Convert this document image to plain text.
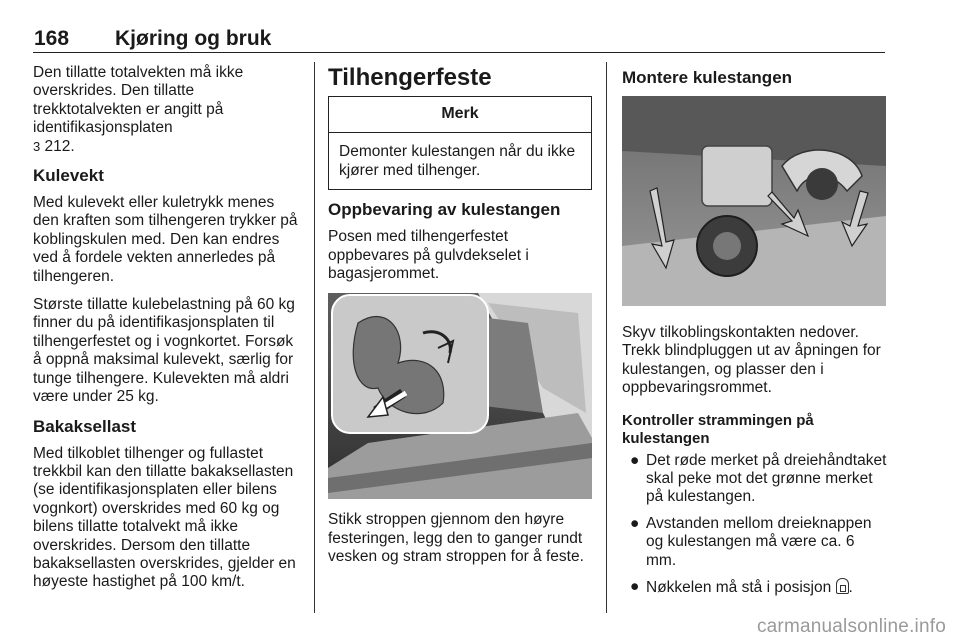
168 Kjøring og bruk

Den tillatte totalvekten må ikke overskrides. Den tillatte trekktotalvekten er angitt på identifikasjonsplaten
3 212.

Kulevekt

Med kulevekt eller kuletrykk menes den kraften som tilhengeren trykker på koblingskulen med. Den kan endres ved å fordele vekten annerledes på tilhengeren.

Største tillatte kulebelastning på 60 kg finner du på identifikasjonsplaten til tilhengerfestet og i vognkortet. Forsøk å oppnå maksimal kulevekt, særlig for tunge tilhengere. Kulevekten må aldri være under 25 kg.

Bakaksellast

Med tilkoblet tilhenger og fullastet trekkbil kan den tillatte bakaksellasten (se identifikasjonsplaten eller bilens vognkort) overskrides med 60 kg og bilens tillatte totalvekt må ikke overskrides. Dersom den tillatte bakaksellasten overskrides, gjelder en høyeste hastighet på 100 km/t.

Tilhengerfeste
Merk
Demonter kulestangen når du ikke kjører med tilhenger.
Oppbevaring av kulestangen

Posen med tilhengerfestet oppbevares på gulvdekselet i bagasjerommet.

Stikk stroppen gjennom den høyre festeringen, legg den to ganger rundt vesken og stram stroppen for å feste.

Montere kulestangen

Skyv tilkoblingskontakten nedover. Trekk blindpluggen ut av åpningen for kulestangen, og plasser den i oppbevaringsrommet.

Kontroller strammingen på kulestangen
● Det røde merket på dreiehåndtaket skal peke mot det grønne merket på kulestangen.
● Avstanden mellom dreieknappen og kulestangen må være ca. 6 mm.
● Nøkkelen må stå i posisjon .
carmanualsonline.info
